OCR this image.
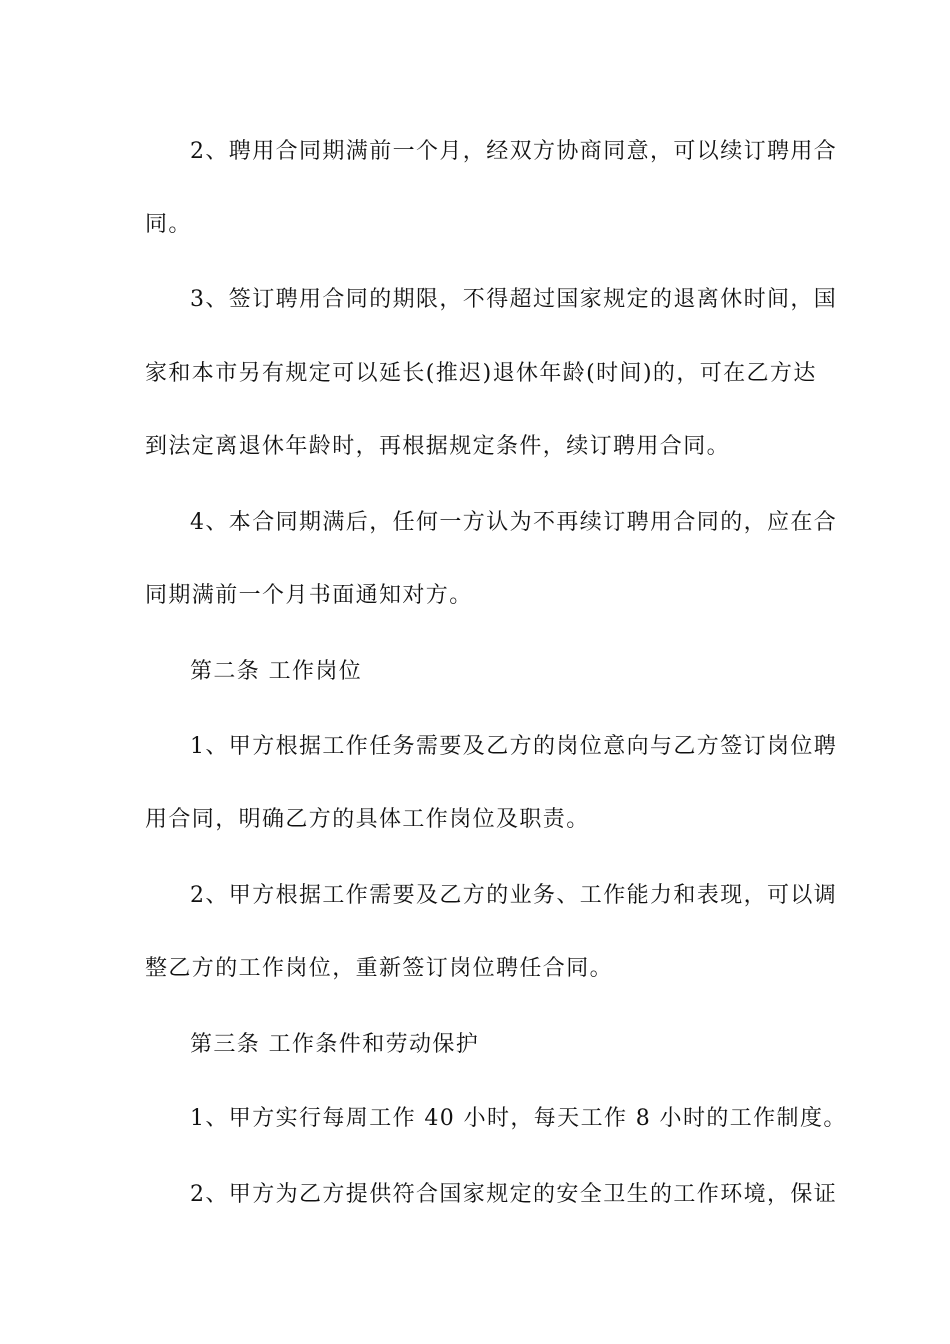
2、聘用合同期满前一个月，经双方协商同意，可以续订聘用合
同。
3、签订聘用合同的期限，不得超过国家规定的退离休时间，国
家和本市另有规定可以延长(推迟)退休年龄(时间)的，可在乙方达
到法定离退休年龄时，再根据规定条件，续订聘用合同。
4、本合同期满后，任何一方认为不再续订聘用合同的，应在合
同期满前一个月书面通知对方。
第二条 工作岗位
1、甲方根据工作任务需要及乙方的岗位意向与乙方签订岗位聘
用合同，明确乙方的具体工作岗位及职责。
2、甲方根据工作需要及乙方的业务、工作能力和表现，可以调
整乙方的工作岗位，重新签订岗位聘任合同。
第三条 工作条件和劳动保护
1、甲方实行每周工作 40 小时，每天工作 8 小时的工作制度。
2、甲方为乙方提供符合国家规定的安全卫生的工作环境，保证
